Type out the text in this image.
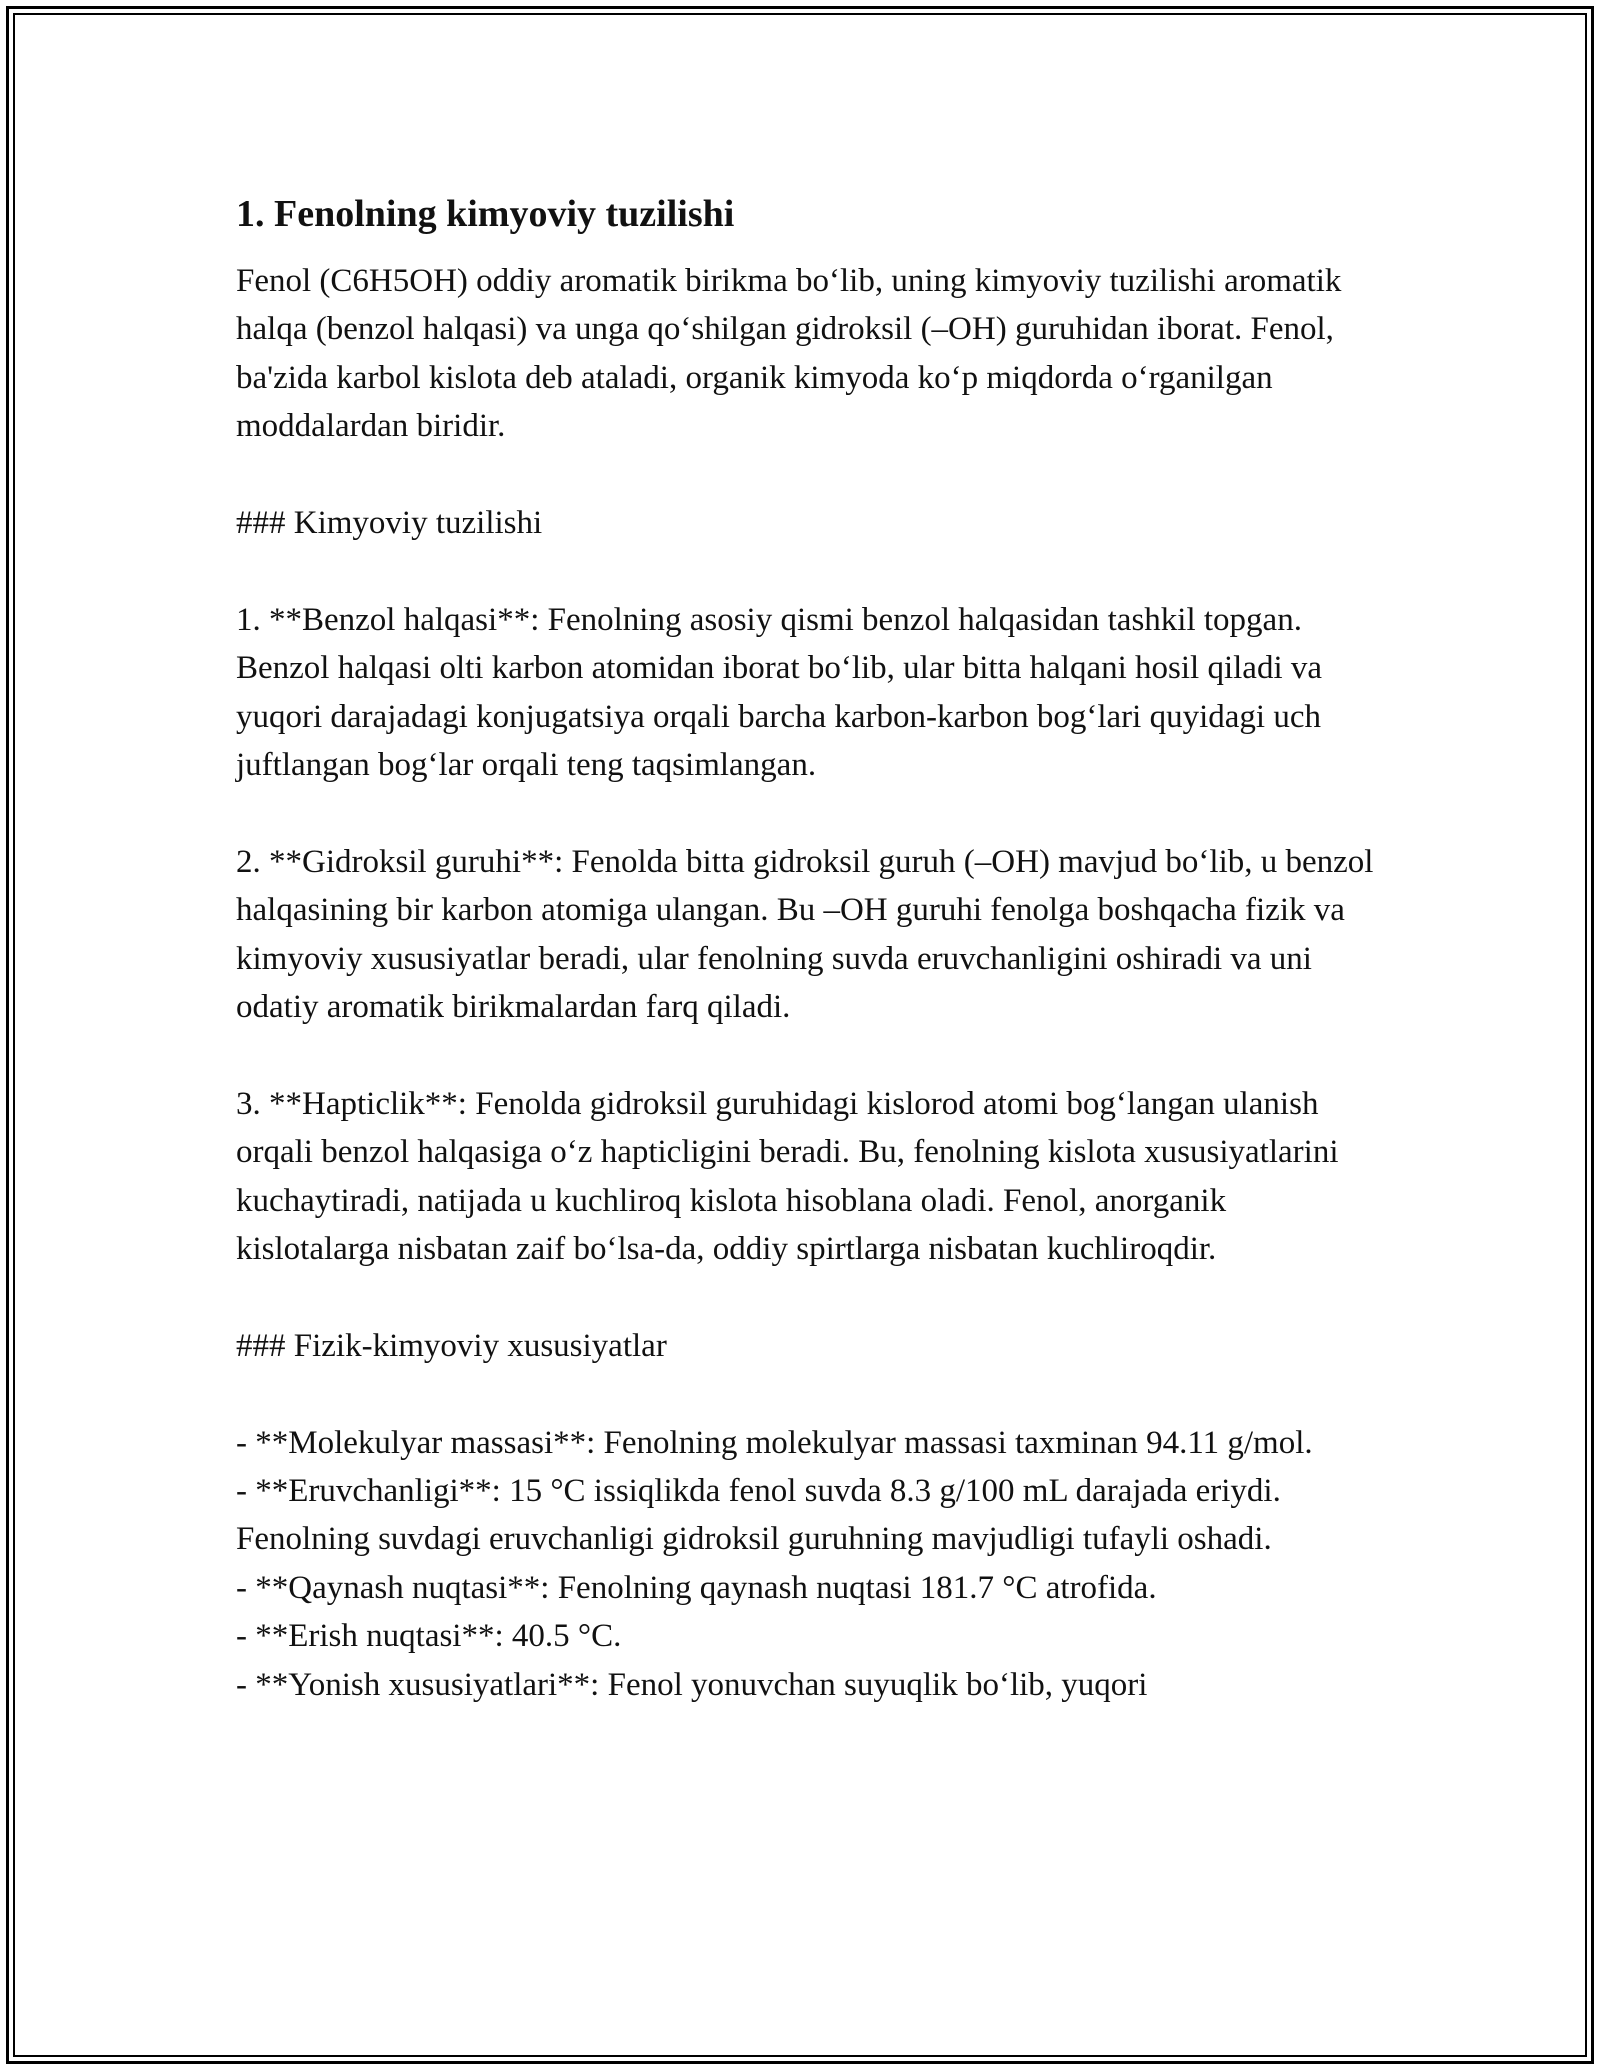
1. Fenolning kimyoviy tuzilishi

Fenol (C6H5OH) oddiy aromatik birikma bo‘lib, uning kimyoviy tuzilishi aromatik halqa (benzol halqasi) va unga qo‘shilgan gidroksil (–OH) guruhidan iborat. Fenol, ba'zida karbol kislota deb ataladi, organik kimyoda ko‘p miqdorda o‘rganilgan moddalardan biridir.

### Kimyoviy tuzilishi

1. **Benzol halqasi**: Fenolning asosiy qismi benzol halqasidan tashkil topgan. Benzol halqasi olti karbon atomidan iborat bo‘lib, ular bitta halqani hosil qiladi va yuqori darajadagi konjugatsiya orqali barcha karbon-karbon bog‘lari quyidagi uch juftlangan bog‘lar orqali teng taqsimlangan.

2. **Gidroksil guruhi**: Fenolda bitta gidroksil guruh (–OH) mavjud bo‘lib, u benzol halqasining bir karbon atomiga ulangan. Bu –OH guruhi fenolga boshqacha fizik va kimyoviy xususiyatlar beradi, ular fenolning suvda eruvchanligini oshiradi va uni odatiy aromatik birikmalardan farq qiladi.

3. **Hapticlik**: Fenolda gidroksil guruhidagi kislorod atomi bog‘langan ulanish orqali benzol halqasiga o‘z hapticligini beradi. Bu, fenolning kislota xususiyatlarini kuchaytiradi, natijada u kuchliroq kislota hisoblana oladi. Fenol, anorganik kislotalarga nisbatan zaif bo‘lsa-da, oddiy spirtlarga nisbatan kuchliroqdir.

### Fizik-kimyoviy xususiyatlar

- **Molekulyar massasi**: Fenolning molekulyar massasi taxminan 94.11 g/mol.

- **Eruvchanligi**: 15 °C issiqlikda fenol suvda 8.3 g/100 mL darajada eriydi. Fenolning suvdagi eruvchanligi gidroksil guruhning mavjudligi tufayli oshadi.

- **Qaynash nuqtasi**: Fenolning qaynash nuqtasi 181.7 °C atrofida.

- **Erish nuqtasi**: 40.5 °C.

- **Yonish xususiyatlari**: Fenol yonuvchan suyuqlik bo‘lib, yuqori
